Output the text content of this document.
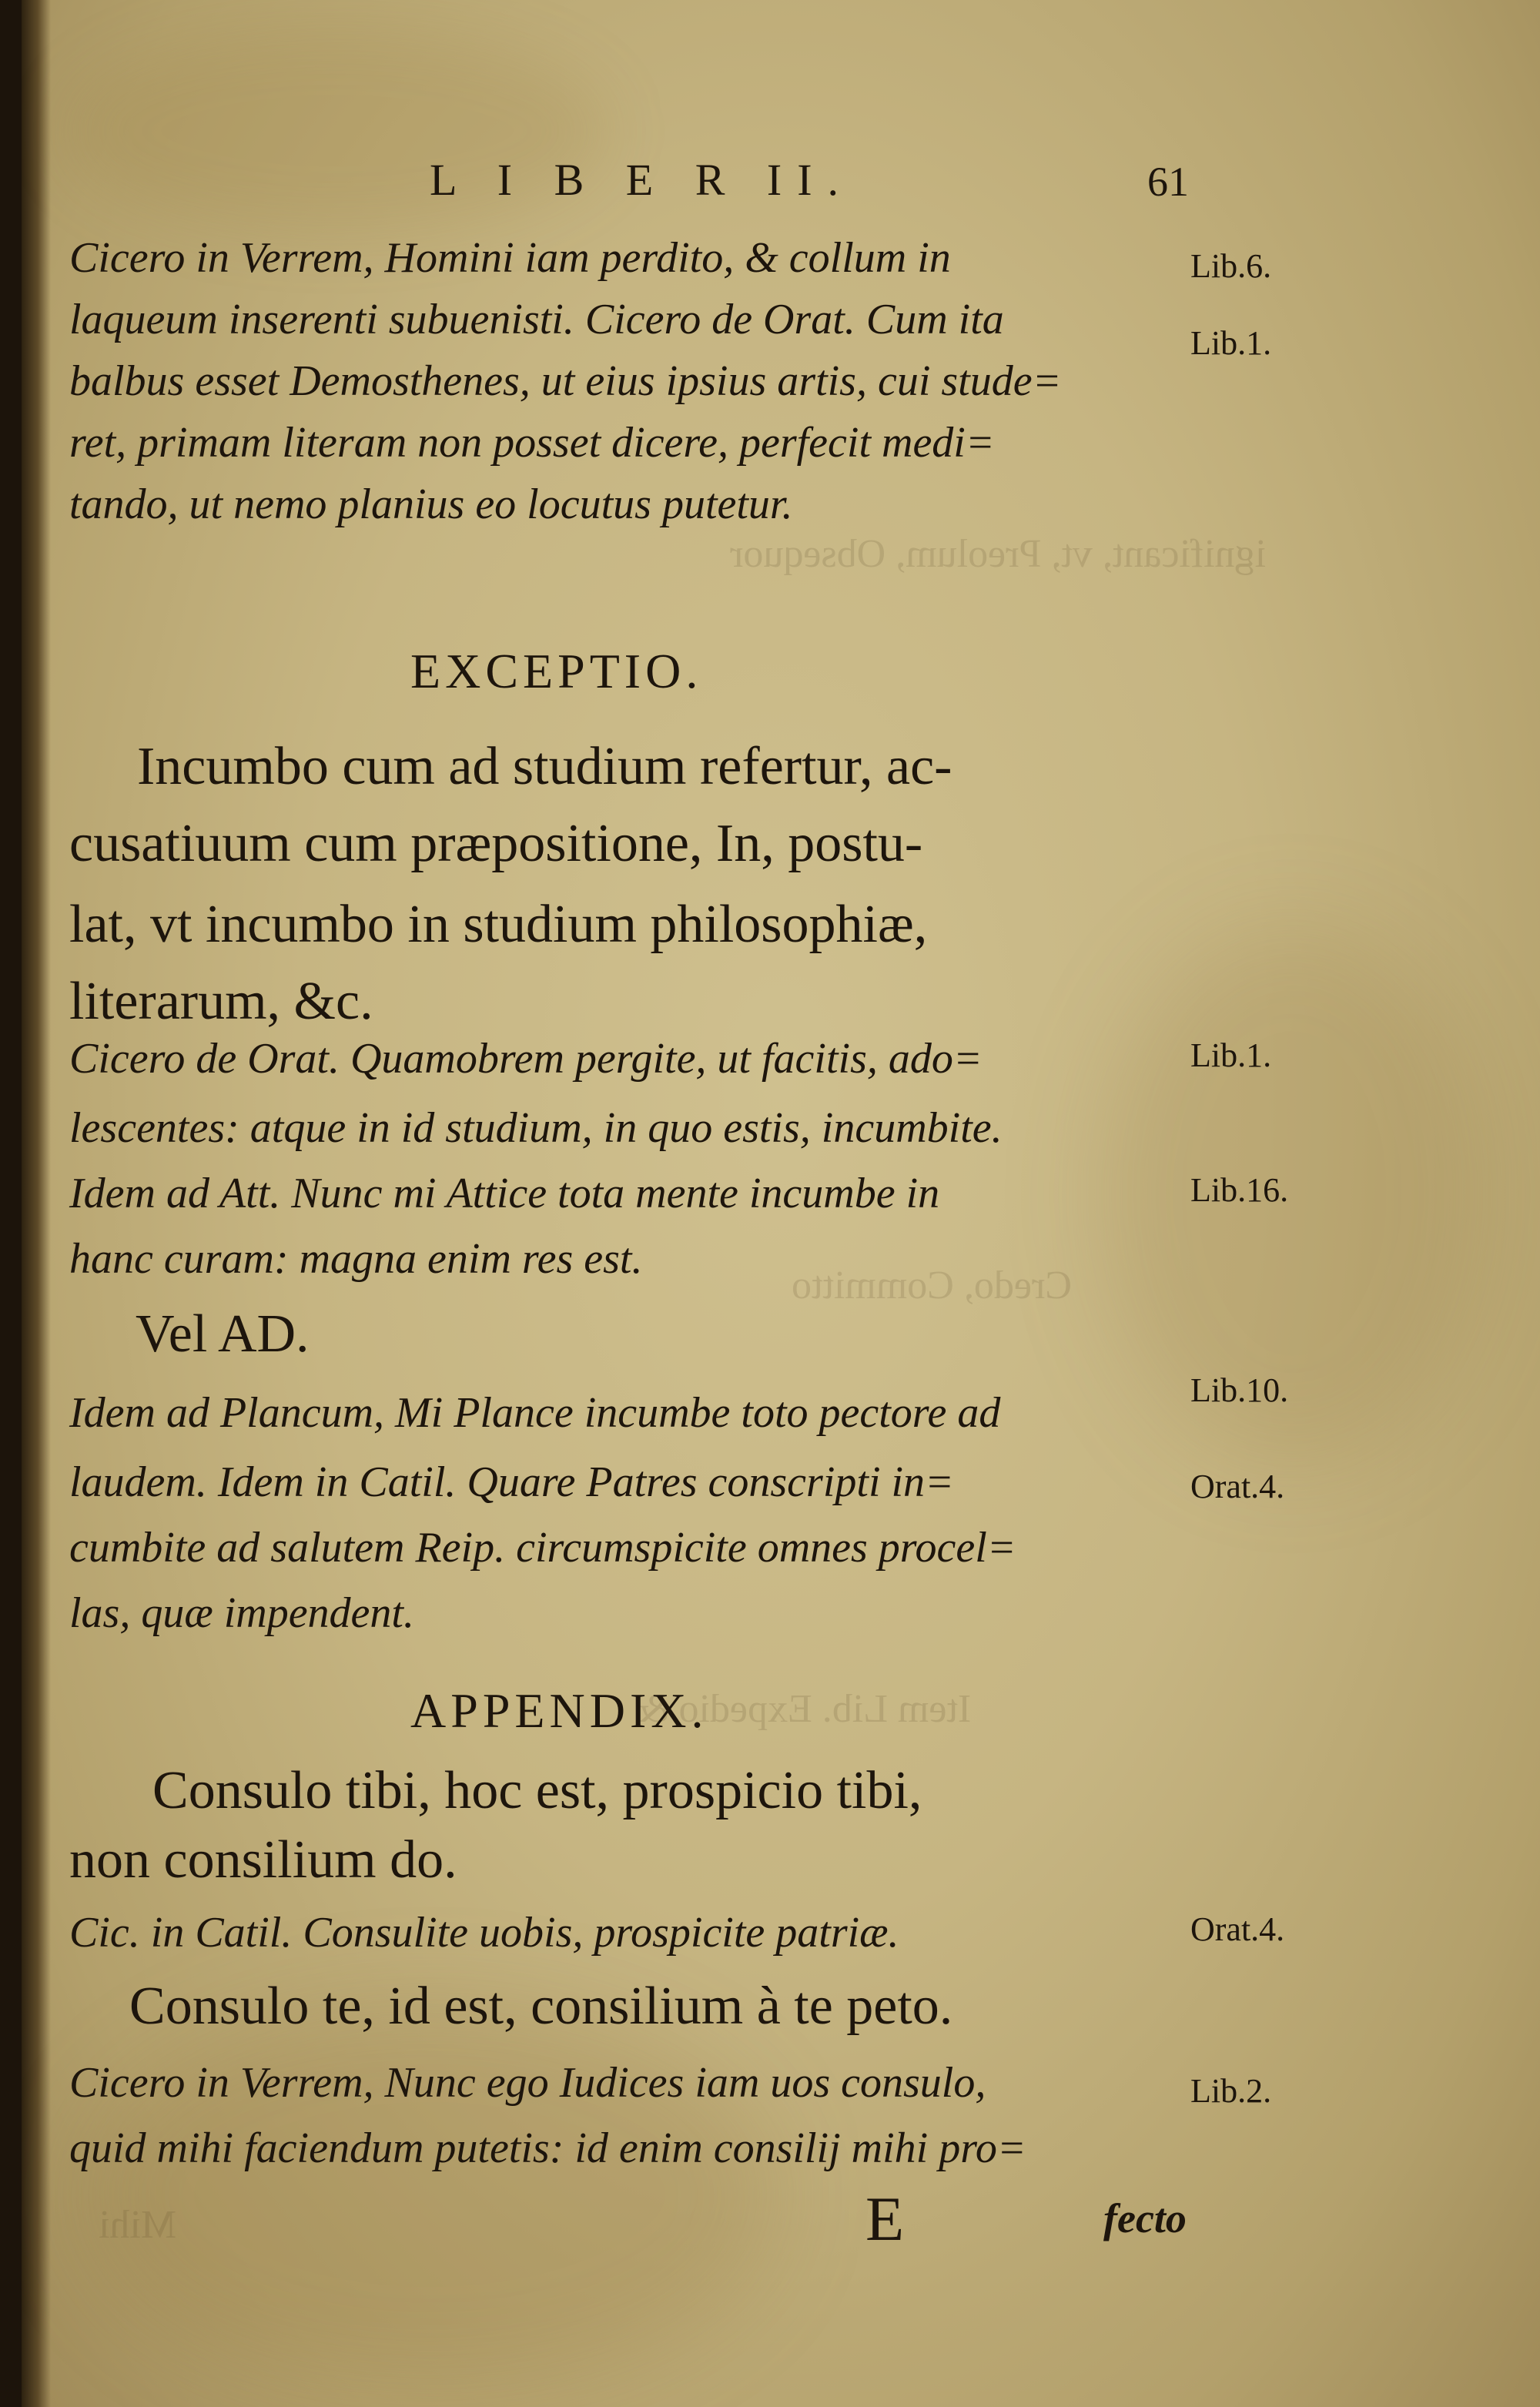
ignificant, vt, Preolum, Obsequor
Credo, Committo
Item Lib. Expedio &
Mihi
L I B E R II.	61
Cicero in Verrem, Homini iam perdito, & collum in
laqueum inserenti subuenisti. Cicero de Orat. Cum ita
balbus esset Demosthenes, ut eius ipsius artis, cui stude=
ret, primam literam non posset dicere, perfecit medi=
tando, ut nemo planius eo locutus putetur.
EXCEPTIO.
Incumbo cum ad studium refertur, ac-
cusatiuum cum præpositione, In, postu-
lat, vt incumbo in studium philosophiæ,
literarum, &c.
Cicero de Orat. Quamobrem pergite, ut facitis, ado=
lescentes: atque in id studium, in quo estis, incumbite.
Idem ad Att. Nunc mi Attice tota mente incumbe in
hanc curam: magna enim res est.
Vel AD.
Idem ad Plancum, Mi Plance incumbe toto pectore ad
laudem. Idem in Catil. Quare Patres conscripti in=
cumbite ad salutem Reip. circumspicite omnes procel=
las, quæ impendent.
APPENDIX.
Consulo tibi, hoc est, prospicio tibi,
non consilium do.
Cic. in Catil. Consulite uobis, prospicite patriæ.
Consulo te, id est, consilium à te peto.
Cicero in Verrem, Nunc ego Iudices iam uos consulo,
quid mihi faciendum putetis: id enim consilij mihi pro=
E	fecto
Lib.6.
Lib.1.
Lib.1.
Lib.16.
Lib.10.
Orat.4.
Orat.4.
Lib.2.
